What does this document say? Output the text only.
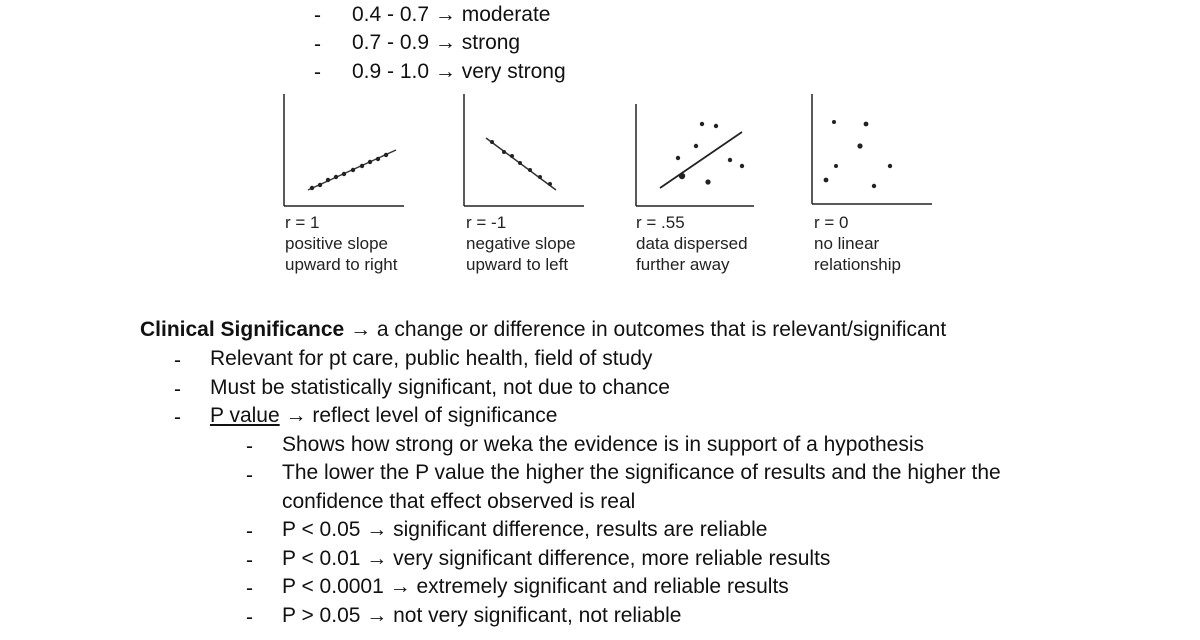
- 0.4 - 0.7 → moderate
- 0.7 - 0.9 → strong
- 0.9 - 1.0 → very strong
r = 1
positive slope
upward to right
r = -1
negative slope
upward to left
r = .55
data dispersed
further away
r = 0
no linear
relationship
Clinical Significance → a change or difference in outcomes that is relevant/significant
- Relevant for pt care, public health, field of study
- Must be statistically significant, not due to chance
- P value → reflect level of significance
- Shows how strong or weka the evidence is in support of a hypothesis
- The lower the P value the higher the significance of results and the higher the
confidence that effect observed is real
- P < 0.05 → significant difference, results are reliable
- P < 0.01 → very significant difference, more reliable results
- P < 0.0001 → extremely significant and reliable results
- P > 0.05 → not very significant, not reliable
